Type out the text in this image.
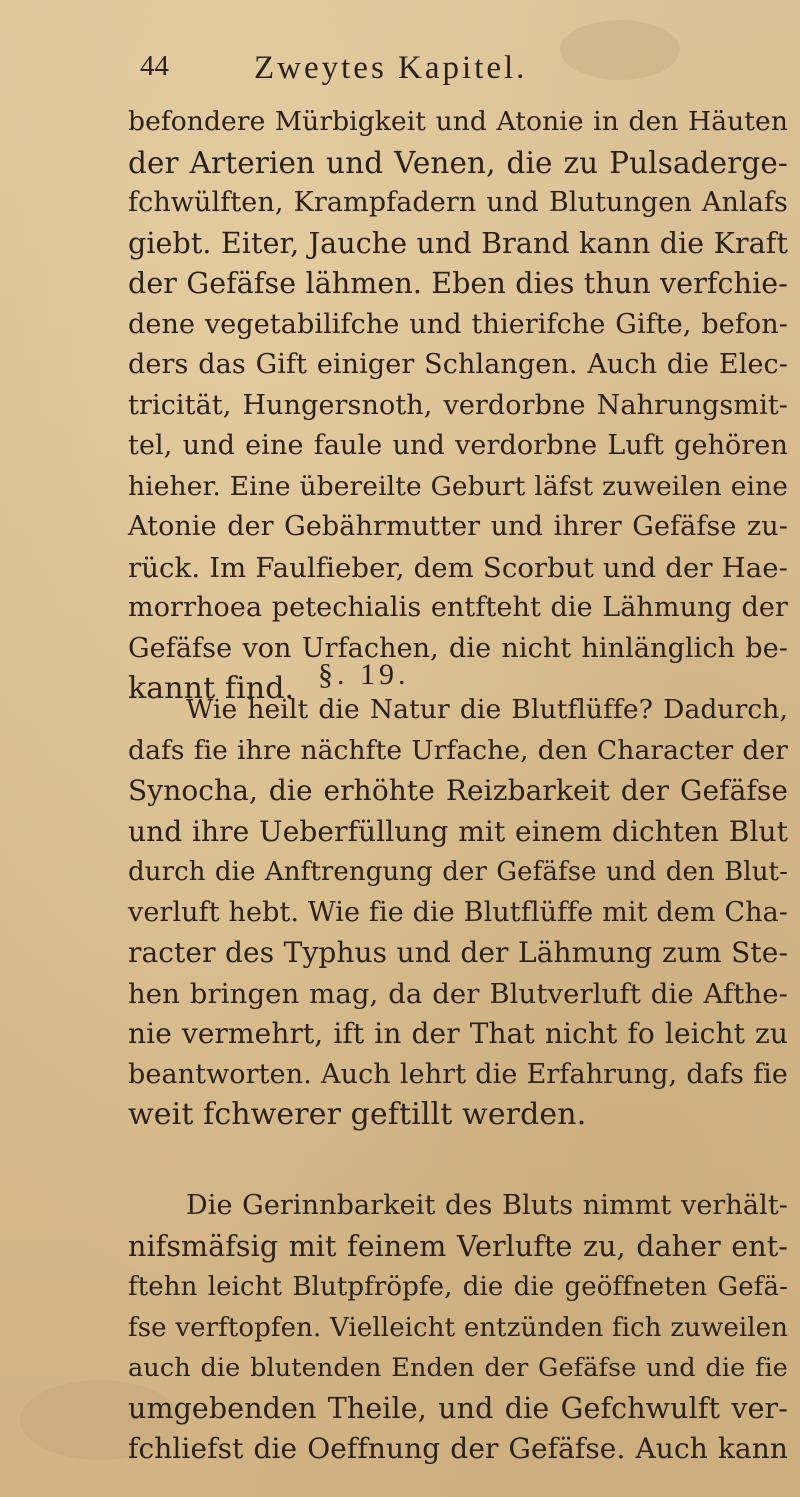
44	Zweytes Kapitel.
befondere Mürbigkeit und Atonie in den Häuten
der Arterien und Venen, die zu Pulsaderge-
fchwülften, Krampfadern und Blutungen Anlafs
giebt. Eiter, Jauche und Brand kann die Kraft
der Gefäfse lähmen. Eben dies thun verfchie-
dene vegetabilifche und thierifche Gifte, befon-
ders das Gift einiger Schlangen. Auch die Elec-
tricität, Hungersnoth, verdorbne Nahrungsmit-
tel, und eine faule und verdorbne Luft gehören
hieher. Eine übereilte Geburt läfst zuweilen eine
Atonie der Gebährmutter und ihrer Gefäfse zu-
rück. Im Faulfieber, dem Scorbut und der Hae-
morrhoea petechialis entfteht die Lähmung der
Gefäfse von Urfachen, die nicht hinlänglich be-
kannt find. §. 19.
Wie heilt die Natur die Blutflüffe? Dadurch,
dafs fie ihre nächfte Urfache, den Character der
Synocha, die erhöhte Reizbarkeit der Gefäfse
und ihre Ueberfüllung mit einem dichten Blut
durch die Anftrengung der Gefäfse und den Blut-
verluft hebt. Wie fie die Blutflüffe mit dem Cha-
racter des Typhus und der Lähmung zum Ste-
hen bringen mag, da der Blutverluft die Afthe-
nie vermehrt, ift in der That nicht fo leicht zu
beantworten. Auch lehrt die Erfahrung, dafs fie
weit fchwerer geftillt werden.
Die Gerinnbarkeit des Bluts nimmt verhält-
nifsmäfsig mit feinem Verlufte zu, daher ent-
ftehn leicht Blutpfröpfe, die die geöffneten Gefä-
fse verftopfen. Vielleicht entzünden fich zuweilen
auch die blutenden Enden der Gefäfse und die fie
umgebenden Theile, und die Gefchwulft ver-
fchliefst die Oeffnung der Gefäfse. Auch kann
